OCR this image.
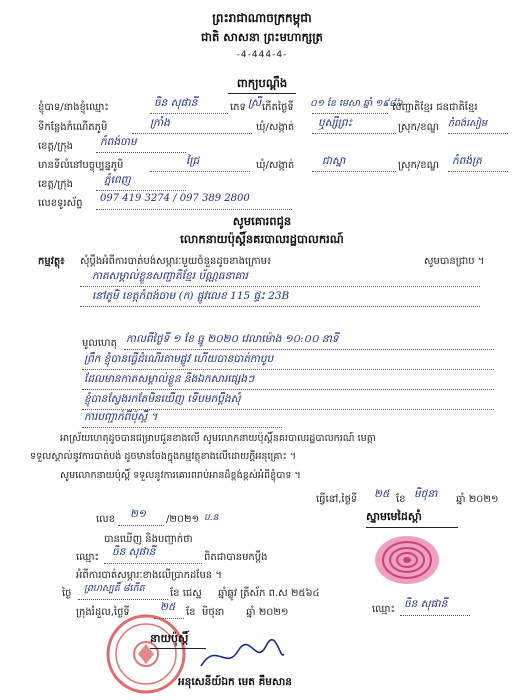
ព្រះរាជាណាចក្រកម្ពុជា
ជាតិ សាសនា ព្រះមហាក្សត្រ
-4-444-4-
ពាក្យបណ្ដឹង
ខ្ញុំបាទ/នាងខ្ញុំឈ្មោះ	ចិន សុផានី	ភេទ ស្រី កើតថ្ងៃទី ០១ ខែ មេសា ឆ្នាំ ១៩៨៦
សញ្ជាតិខ្មែរ ជនជាតិខ្មែរ
ទីកន្លែងកំណើតភូមិ	ក្រាំង	ឃុំ/សង្កាត់ ឬស្សីព្រះ	ស្រុក/ខណ្ឌ កំពង់សៀម
ខេត្ត/ក្រុង	កំពង់ចាម
មានទីលំនៅបច្ចុប្បន្នភូមិ	ជ្រៃ	ឃុំ/សង្កាត់	ជាស្នា	ស្រុក/ខណ្ឌ កំពង់ត្រ
ខេត្ត/ក្រុង	ភ្នំពេញ
លេខទូរស័ព្ទ 097 419 3274 / 097 389 2800
សូមគោរពជូន
លោកនាយប៉ុស្តិ៍នគរបាលរដ្ឋបាលករណ៍
កម្មវត្ថុ៖ សុំប្ដឹងអំពីការបាត់បង់សម្ភារៈមួយចំនួនដូចខាងក្រោម៖	សូមបានជ្រាប ។
កាតសម្គាល់ខ្លួនសញ្ជាតិខ្មែរ ប័ណ្ណធនាគារ
នៅភូមិ ខេត្តកំពង់ចាម (ក) ផ្លូវលេខ 115 ផ្ទះ 23B
មូលហេតុ កាលពីថ្ងៃទី ១ ខែ ធ្នូ ២០២០ វេលាម៉ោង ១០:០០ នាទី
ព្រឹក ខ្ញុំបានធ្វើដំណើរតាមផ្លូវ ហើយបានបាត់កាបូប
ដែលមានកាតសម្គាល់ខ្លួន និងឯកសារផ្សេងៗ
ខ្ញុំបានស្វែងរកតែមិនឃើញ ទើបមកប្ដឹងសុំ
ការបញ្ជាក់ពីប៉ុស្តិ៍ ។
អាស្រ័យហេតុដូចបានជម្រាបជូនខាងលើ សូមលោកនាយប៉ុស្តិ៍នគរបាលរដ្ឋបាលករណ៍ មេត្តា
ទទួលស្គាល់នូវការបាត់បង់ ដូចមានចែងក្នុងកម្មវត្ថុខាងលើដោយក្ដីអនុគ្រោះ ។
សូមលោកនាយប៉ុស្តិ៍ ទទួលនូវការគោរពរាប់អានដ៏ខ្ពង់ខ្ពស់អំពីខ្ញុំបាទ ។
ធ្វើនៅ,ថ្ងៃទី ២៥ ខែ មិថុនា ឆ្នាំ ២០២១
ស្នាមមេដៃស្ដាំ
ឈ្មោះ ចិន សុផានី
លេខ ២១ /២០២១ ប.ន
បានឃើញ និងបញ្ជាក់ថា
ឈ្មោះ ចិន សុផានី	ពិតជាបានមកប្ដឹង
អំពីការបាត់សម្ភារៈខាងលើប្រាកដមែន ។
ថ្ងៃ ព្រហស្បតិ៍ ៨កើត	ខែ ជេស្ឋ ឆ្នាំឆ្លូវ ត្រីស័ក ព.ស ២៥៦៤
ក្រុងរំដួល,ថ្ងៃទី	២៥ ខែ មិថុនា ឆ្នាំ ២០២១
នាយប៉ុស្តិ៍
អនុសេនីយ៍ឯក មេត គឹមសាន
